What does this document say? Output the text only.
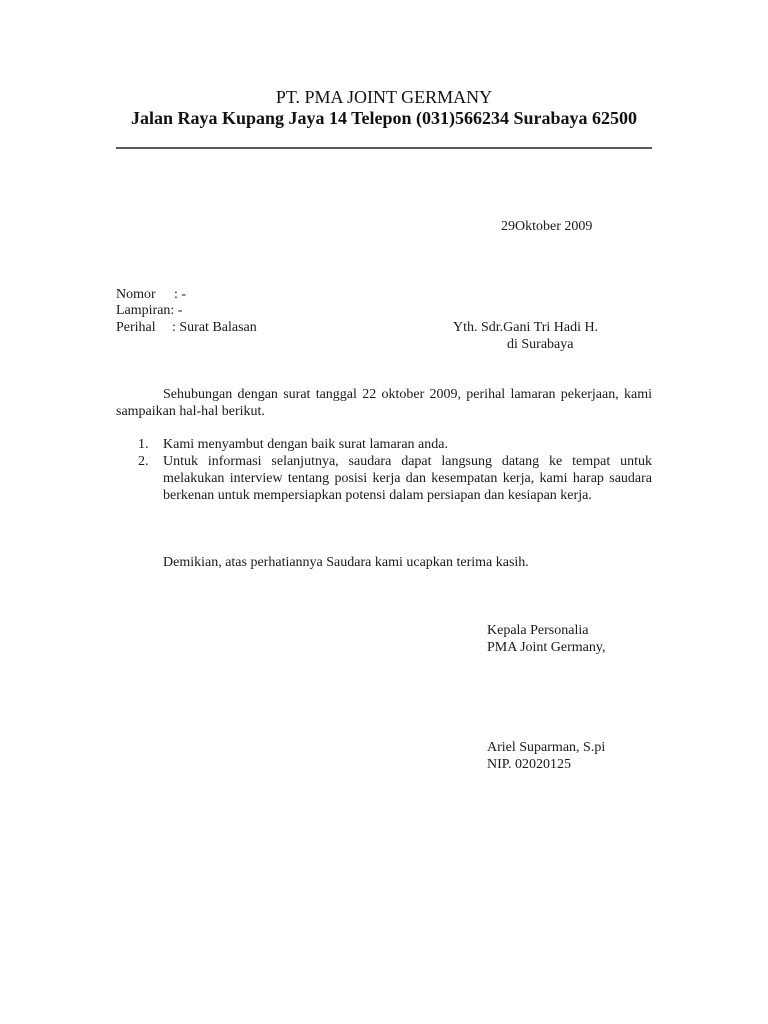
PT. PMA JOINT GERMANY
Jalan Raya Kupang Jaya 14 Telepon (031)566234 Surabaya 62500
29Oktober 2009
Nomor : -
Lampiran: -
Perihal : Surat Balasan	Yth. Sdr.Gani Tri Hadi H.
di Surabaya
Sehubungan dengan surat tanggal 22 oktober 2009, perihal lamaran pekerjaan, kami sampaikan hal-hal berikut.
1. Kami menyambut dengan baik surat lamaran anda.
2. Untuk informasi selanjutnya, saudara dapat langsung datang ke tempat untuk melakukan interview tentang posisi kerja dan kesempatan kerja, kami harap saudara berkenan untuk mempersiapkan potensi dalam persiapan dan kesiapan kerja.
Demikian, atas perhatiannya Saudara kami ucapkan terima kasih.
Kepala Personalia
PMA Joint Germany,
Ariel Suparman, S.pi
NIP. 02020125
